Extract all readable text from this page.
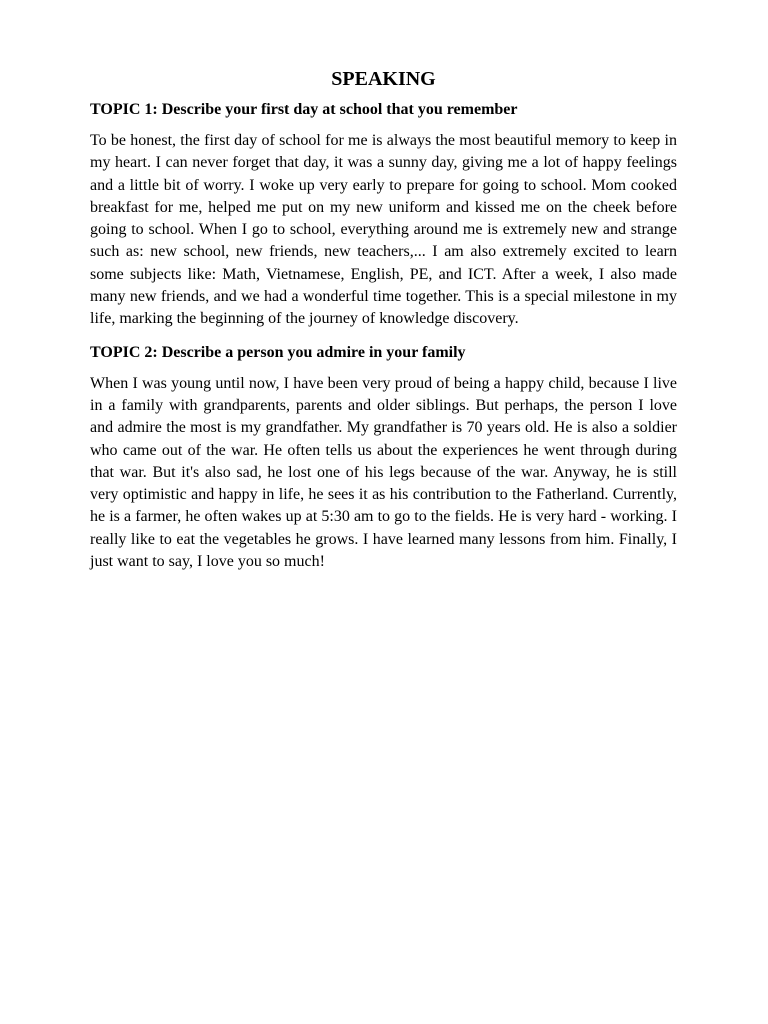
SPEAKING

TOPIC 1: Describe your first day at school that you remember

To be honest, the first day of school for me is always the most beautiful memory to keep in my heart. I can never forget that day, it was a sunny day, giving me a lot of happy feelings and a little bit of worry. I woke up very early to prepare for going to school. Mom cooked breakfast for me, helped me put on my new uniform and kissed me on the cheek before going to school. When I go to school, everything around me is extremely new and strange such as: new school, new friends, new teachers,... I am also extremely excited to learn some subjects like: Math, Vietnamese, English, PE, and ICT. After a week, I also made many new friends, and we had a wonderful time together. This is a special milestone in my life, marking the beginning of the journey of knowledge discovery.

TOPIC 2: Describe a person you admire in your family

When I was young until now, I have been very proud of being a happy child, because I live in a family with grandparents, parents and older siblings. But perhaps, the person I love and admire the most is my grandfather. My grandfather is 70 years old. He is also a soldier who came out of the war. He often tells us about the experiences he went through during that war. But it's also sad, he lost one of his legs because of the war. Anyway, he is still very optimistic and happy in life, he sees it as his contribution to the Fatherland. Currently, he is a farmer, he often wakes up at 5:30 am to go to the fields. He is very hard - working. I really like to eat the vegetables he grows. I have learned many lessons from him. Finally, I just want to say, I love you so much!
